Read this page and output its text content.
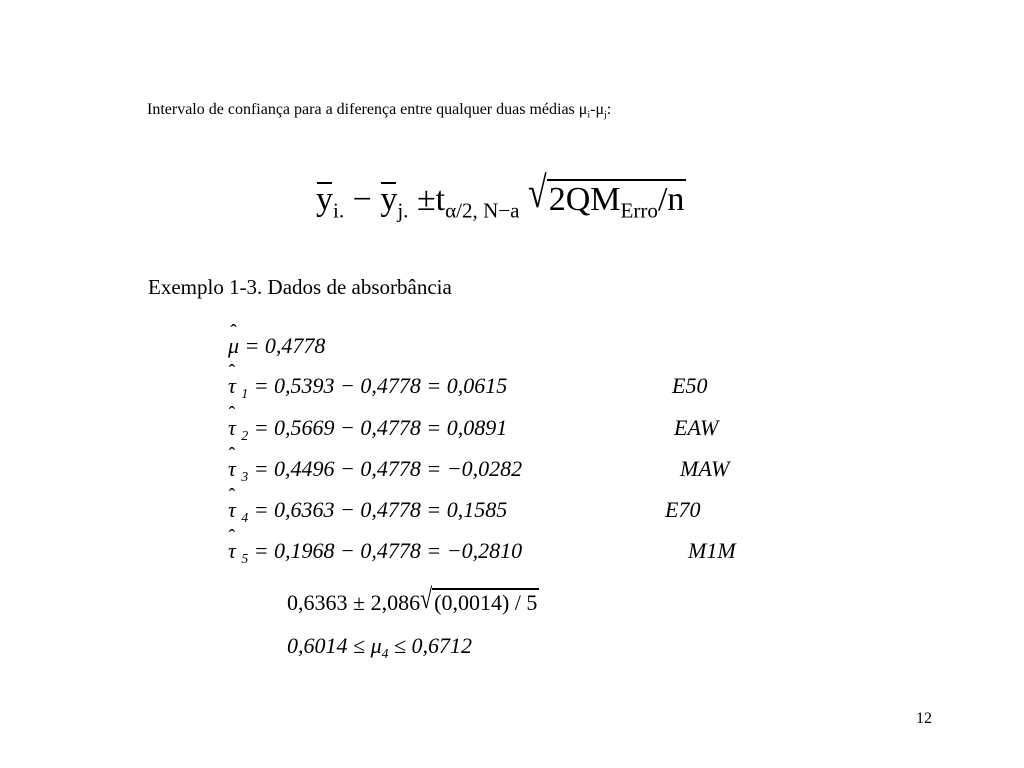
Intervalo de confiança para a diferença entre qualquer duas médias $\mu_i-\mu_j$:
$y_{i.} - y_{j.} \pm t_{\alpha/2, N-a}$ $√2QM_{Erro}/n$
Exemplo 1-3. Dados de absorbância
ˆ μ = 0,4778
ˆ τ $_1$ = 0,5393 − 0,4778 = 0,0615	E50
ˆ τ $_2$ = 0,5669 − 0,4778 = 0,0891	EAW
ˆ τ $_3$ = 0,4496 − 0,4778 = −0,0282	MAW
ˆ τ $_4$ = 0,6363 − 0,4778 = 0,1585	E70
ˆ τ $_5$ = 0,1968 − 0,4778 = −0,2810	M1M
0,6363 ± 2,086√(0,0014) / 5
$0,6014 \le \mu_4 \le 0,6712$
12
